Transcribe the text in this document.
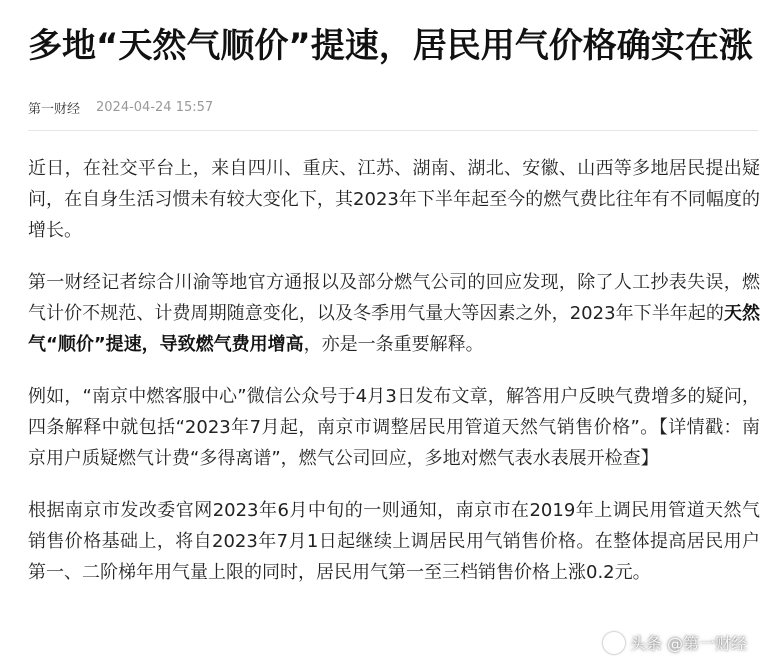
多地“天然气顺价”提速，居民用气价格确实在涨
第一财经 2024-04-24 15:57

近日，在社交平台上，来自四川、重庆、江苏、湖南、湖北、安徽、山西等多地居民提出疑问，在自身生活习惯未有较大变化下，其2023年下半年起至今的燃气费比往年有不同幅度的增长。

第一财经记者综合川渝等地官方通报以及部分燃气公司的回应发现，除了人工抄表失误，燃气计价不规范、计费周期随意变化，以及冬季用气量大等因素之外，2023年下半年起的天然气“顺价”提速，导致燃气费用增高，亦是一条重要解释。

例如，“南京中燃客服中心”微信公众号于4月3日发布文章，解答用户反映气费增多的疑问，四条解释中就包括“2023年7月起，南京市调整居民用管道天然气销售价格”。【详情戳：南京用户质疑燃气计费“多得离谱”，燃气公司回应，多地对燃气表水表展开检查】

根据南京市发改委官网2023年6月中旬的一则通知，南京市在2019年上调民用管道天然气销售价格基础上，将自2023年7月1日起继续上调居民用气销售价格。在整体提高居民用户第一、二阶梯年用气量上限的同时，居民用气第一至三档销售价格上涨0.2元。

头条 @第一财经
